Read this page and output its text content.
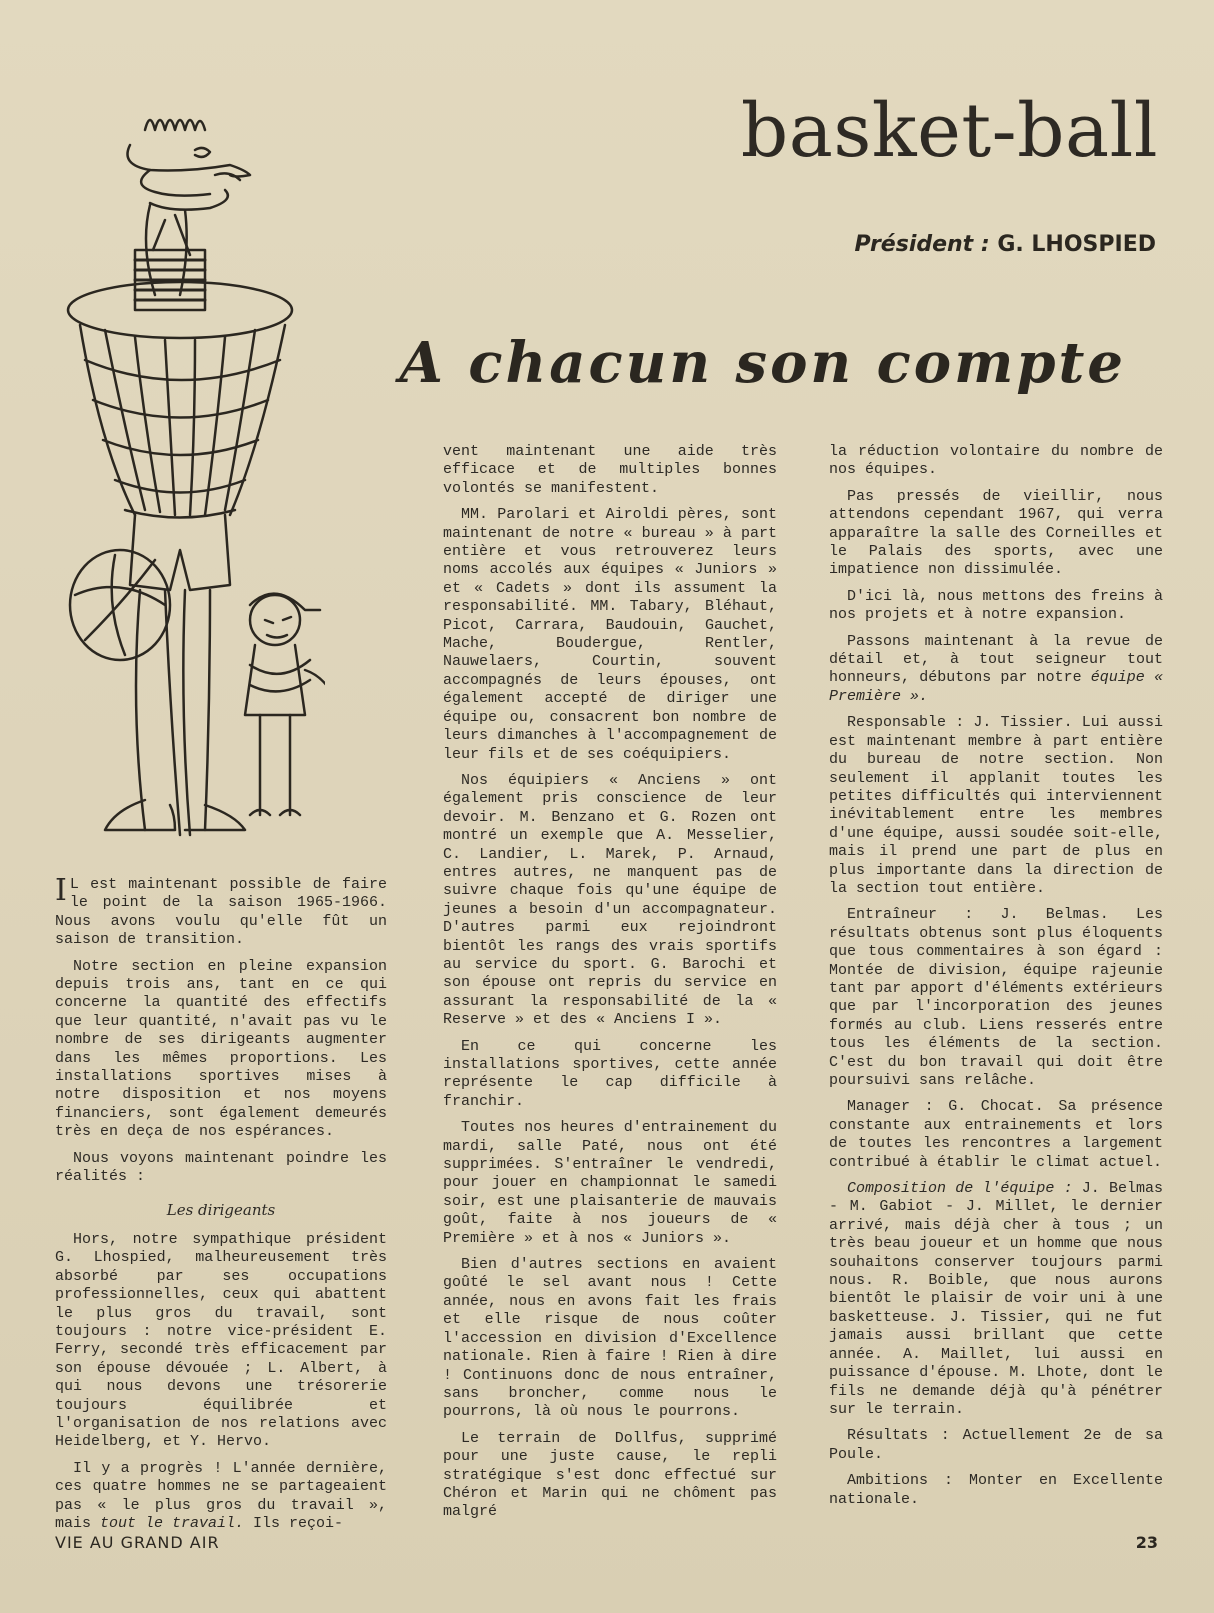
basket-ball
Président : G. LHOSPIED
A chacun son compte

I L est maintenant possible de faire le point de la saison 1965-1966. Nous avons voulu qu'elle fût un saison de transition.

Notre section en pleine expansion depuis trois ans, tant en ce qui concerne la quantité des effectifs que leur quantité, n'avait pas vu le nombre de ses dirigeants augmenter dans les mêmes proportions. Les installations sportives mises à notre disposition et nos moyens financiers, sont également demeurés très en deça de nos espérances.

Nous voyons maintenant poindre les réalités :

Les dirigeants

Hors, notre sympathique président G. Lhospied, malheureusement très absorbé par ses occupations professionnelles, ceux qui abattent le plus gros du travail, sont toujours : notre vice-président E. Ferry, secondé très efficacement par son épouse dévouée ; L. Albert, à qui nous devons une trésorerie toujours équilibrée et l'organisation de nos relations avec Heidelberg, et Y. Hervo.

Il y a progrès ! L'année dernière, ces quatre hommes ne se partageaient pas « le plus gros du travail », mais tout le travail. Ils reçoi-

vent maintenant une aide très efficace et de multiples bonnes volontés se manifestent.

MM. Parolari et Airoldi pères, sont maintenant de notre « bureau » à part entière et vous retrouverez leurs noms accolés aux équipes « Juniors » et « Cadets » dont ils assument la responsabilité. MM. Tabary, Bléhaut, Picot, Carrara, Baudouin, Gauchet, Mache, Boudergue, Rentler, Nauwelaers, Courtin, souvent accompagnés de leurs épouses, ont également accepté de diriger une équipe ou, consacrent bon nombre de leurs dimanches à l'accompagnement de leur fils et de ses coéquipiers.

Nos équipiers « Anciens » ont également pris conscience de leur devoir. M. Benzano et G. Rozen ont montré un exemple que A. Messelier, C. Landier, L. Marek, P. Arnaud, entres autres, ne manquent pas de suivre chaque fois qu'une équipe de jeunes a besoin d'un accompagnateur. D'autres parmi eux rejoindront bientôt les rangs des vrais sportifs au service du sport. G. Barochi et son épouse ont repris du service en assurant la responsabilité de la « Reserve » et des « Anciens I ».

En ce qui concerne les installations sportives, cette année représente le cap difficile à franchir.

Toutes nos heures d'entrainement du mardi, salle Paté, nous ont été supprimées. S'entraîner le vendredi, pour jouer en championnat le samedi soir, est une plaisanterie de mauvais goût, faite à nos joueurs de « Première » et à nos « Juniors ».

Bien d'autres sections en avaient goûté le sel avant nous ! Cette année, nous en avons fait les frais et elle risque de nous coûter l'accession en division d'Excellence nationale. Rien à faire ! Rien à dire ! Continuons donc de nous entraîner, sans broncher, comme nous le pourrons, là où nous le pourrons.

Le terrain de Dollfus, supprimé pour une juste cause, le repli stratégique s'est donc effectué sur Chéron et Marin qui ne chôment pas malgré

la réduction volontaire du nombre de nos équipes.

Pas pressés de vieillir, nous attendons cependant 1967, qui verra apparaître la salle des Corneilles et le Palais des sports, avec une impatience non dissimulée.

D'ici là, nous mettons des freins à nos projets et à notre expansion.

Passons maintenant à la revue de détail et, à tout seigneur tout honneurs, débutons par notre équipe « Première ».

Responsable : J. Tissier. Lui aussi est maintenant membre à part entière du bureau de notre section. Non seulement il applanit toutes les petites difficultés qui interviennent inévitablement entre les membres d'une équipe, aussi soudée soit-elle, mais il prend une part de plus en plus importante dans la direction de la section tout entière.

Entraîneur : J. Belmas. Les résultats obtenus sont plus éloquents que tous commentaires à son égard : Montée de division, équipe rajeunie tant par apport d'éléments extérieurs que par l'incorporation des jeunes formés au club. Liens resserés entre tous les éléments de la section. C'est du bon travail qui doit être poursuivi sans relâche.

Manager : G. Chocat. Sa présence constante aux entrainements et lors de toutes les rencontres a largement contribué à établir le climat actuel.

Composition de l'équipe : J. Belmas - M. Gabiot - J. Millet, le dernier arrivé, mais déjà cher à tous ; un très beau joueur et un homme que nous souhaitons conserver toujours parmi nous. R. Boible, que nous aurons bientôt le plaisir de voir uni à une basketteuse. J. Tissier, qui ne fut jamais aussi brillant que cette année. A. Maillet, lui aussi en puissance d'épouse. M. Lhote, dont le fils ne demande déjà qu'à pénétrer sur le terrain.

Résultats : Actuellement 2e de sa Poule.

Ambitions : Monter en Excellente nationale.

VIE AU GRAND AIR	23
